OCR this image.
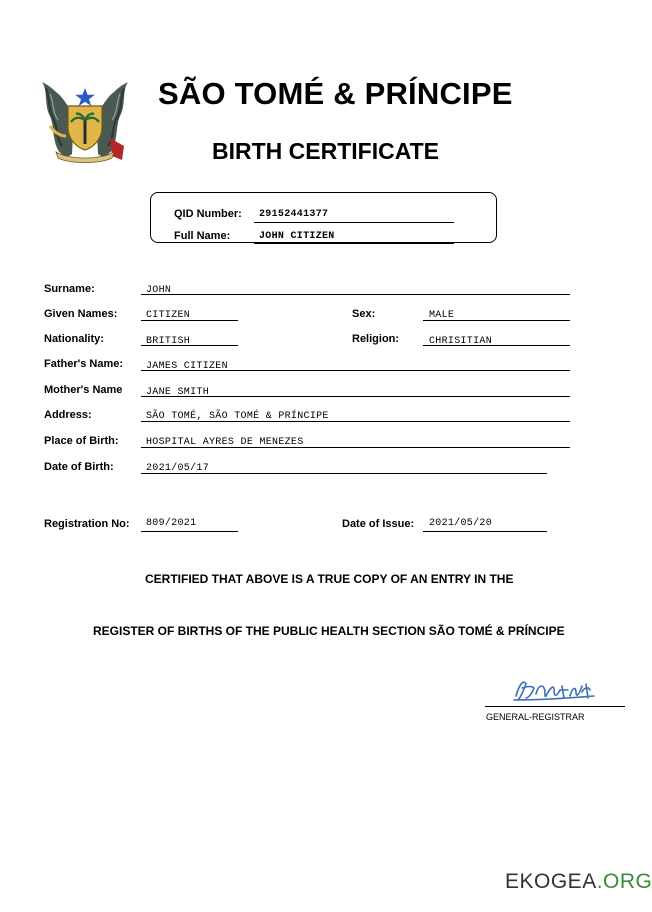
SÃO TOMÉ & PRÍNCIPE
BIRTH CERTIFICATE
QID Number: 29152441377
Full Name:	JOHN CITIZEN
Surname:	JOHN
Given Names:	CITIZEN	Sex:	MALE
Nationality:	BRITISH	Religion:	CHRISITIAN
Father's Name: JAMES CITIZEN
Mother's Name JANE SMITH
Address:	SÃO TOMÉ, SÃO TOMÉ & PRÍNCIPE
Place of Birth:	HOSPITAL AYRES DE MENEZES
Date of Birth:	2021/05/17
Registration No: 809/2021	Date of Issue: 2021/05/20
CERTIFIED THAT ABOVE IS A TRUE COPY OF AN ENTRY IN THE
REGISTER OF BIRTHS OF THE PUBLIC HEALTH SECTION SÃO TOMÉ & PRÍNCIPE
GENERAL-REGISTRAR
EKOGEA.ORG
